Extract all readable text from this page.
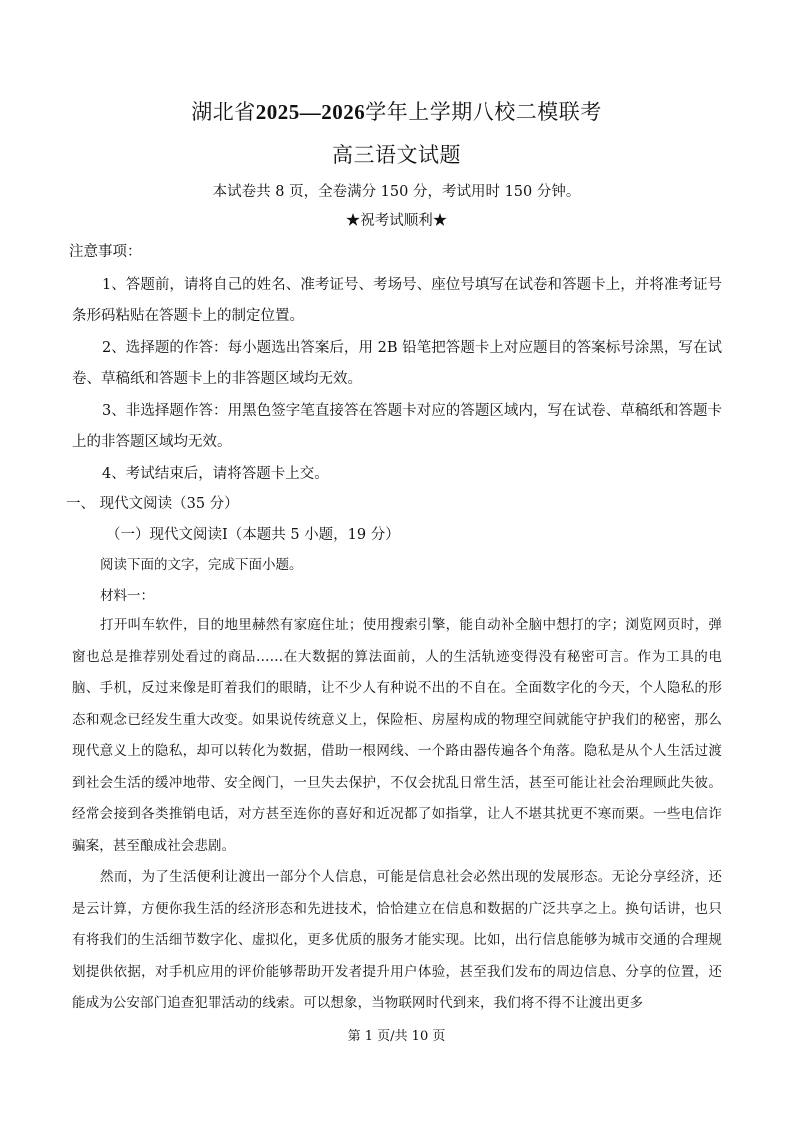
湖北省2025—2026学年上学期八校二模联考
高三语文试题
本试卷共 8 页，全卷满分 150 分，考试用时 150 分钟。
★祝考试顺利★
注意事项：
1、答题前，请将自己的姓名、准考证号、考场号、座位号填写在试卷和答题卡上，并将准考证号条形码粘贴在答题卡上的制定位置。
2、选择题的作答：每小题选出答案后，用 2B 铅笔把答题卡上对应题目的答案标号涂黑，写在试卷、草稿纸和答题卡上的非答题区域均无效。
3、非选择题作答：用黑色签字笔直接答在答题卡对应的答题区域内，写在试卷、草稿纸和答题卡上的非答题区域均无效。
4、考试结束后，请将答题卡上交。
一、 现代文阅读（35 分）
（一）现代文阅读Ⅰ（本题共 5 小题，19 分）
阅读下面的文字，完成下面小题。
材料一：
打开叫车软件，目的地里赫然有家庭住址；使用搜索引擎，能自动补全脑中想打的字；浏览网页时，弹窗也总是推荐别处看过的商品……在大数据的算法面前，人的生活轨迹变得没有秘密可言。作为工具的电脑、手机，反过来像是盯着我们的眼睛，让不少人有种说不出的不自在。全面数字化的今天，个人隐私的形态和观念已经发生重大改变。如果说传统意义上，保险柜、房屋构成的物理空间就能守护我们的秘密，那么现代意义上的隐私，却可以转化为数据，借助一根网线、一个路由器传遍各个角落。隐私是从个人生活过渡到社会生活的缓冲地带、安全阀门，一旦失去保护，不仅会扰乱日常生活，甚至可能让社会治理顾此失彼。经常会接到各类推销电话，对方甚至连你的喜好和近况都了如指掌，让人不堪其扰更不寒而栗。一些电信诈骗案，甚至酿成社会悲剧。
然而，为了生活便利让渡出一部分个人信息，可能是信息社会必然出现的发展形态。无论分享经济，还是云计算，方便你我生活的经济形态和先进技术，恰恰建立在信息和数据的广泛共享之上。换句话讲，也只有将我们的生活细节数字化、虚拟化，更多优质的服务才能实现。比如，出行信息能够为城市交通的合理规划提供依据，对手机应用的评价能够帮助开发者提升用户体验，甚至我们发布的周边信息、分享的位置，还能成为公安部门追查犯罪活动的线索。可以想象，当物联网时代到来，我们将不得不让渡出更多
第 1 页/共 10 页
